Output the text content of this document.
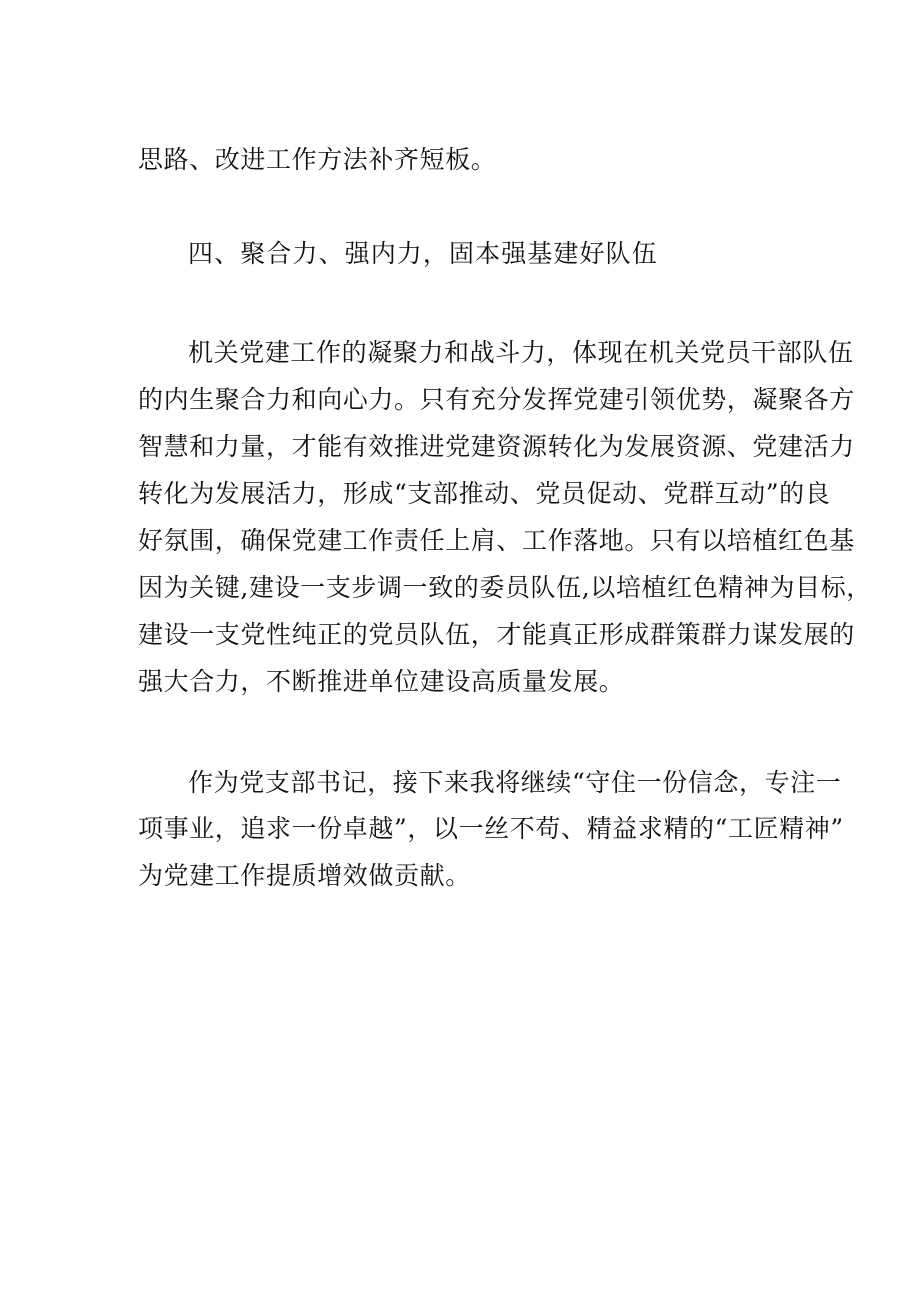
思路、改进工作方法补齐短板。
四、聚合力、强内力，固本强基建好队伍
机关党建工作的凝聚力和战斗力，体现在机关党员干部队伍
的内生聚合力和向心力。只有充分发挥党建引领优势，凝聚各方
智慧和力量，才能有效推进党建资源转化为发展资源、党建活力
转化为发展活力，形成“支部推动、党员促动、党群互动”的良
好氛围，确保党建工作责任上肩、工作落地。只有以培植红色基
因为关键,建设一支步调一致的委员队伍,以培植红色精神为目标，
建设一支党性纯正的党员队伍，才能真正形成群策群力谋发展的
强大合力，不断推进单位建设高质量发展。
作为党支部书记，接下来我将继续“守住一份信念，专注一
项事业，追求一份卓越”，以一丝不苟、精益求精的“工匠精神”
为党建工作提质增效做贡献。
